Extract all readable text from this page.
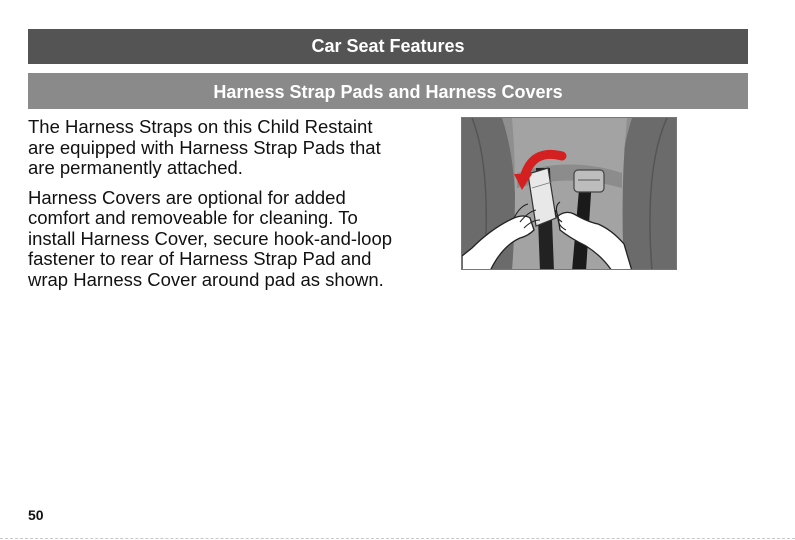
Car Seat Features
Harness Strap Pads and Harness Covers

The Harness Straps on this Child Restaint are equipped with Harness Strap Pads that are permanently attached.

Harness Covers are optional for added comfort and removeable for cleaning. To install Harness Cover, secure hook-and-loop fastener to rear of Harness Strap Pad and wrap Harness Cover around pad as shown.

50
